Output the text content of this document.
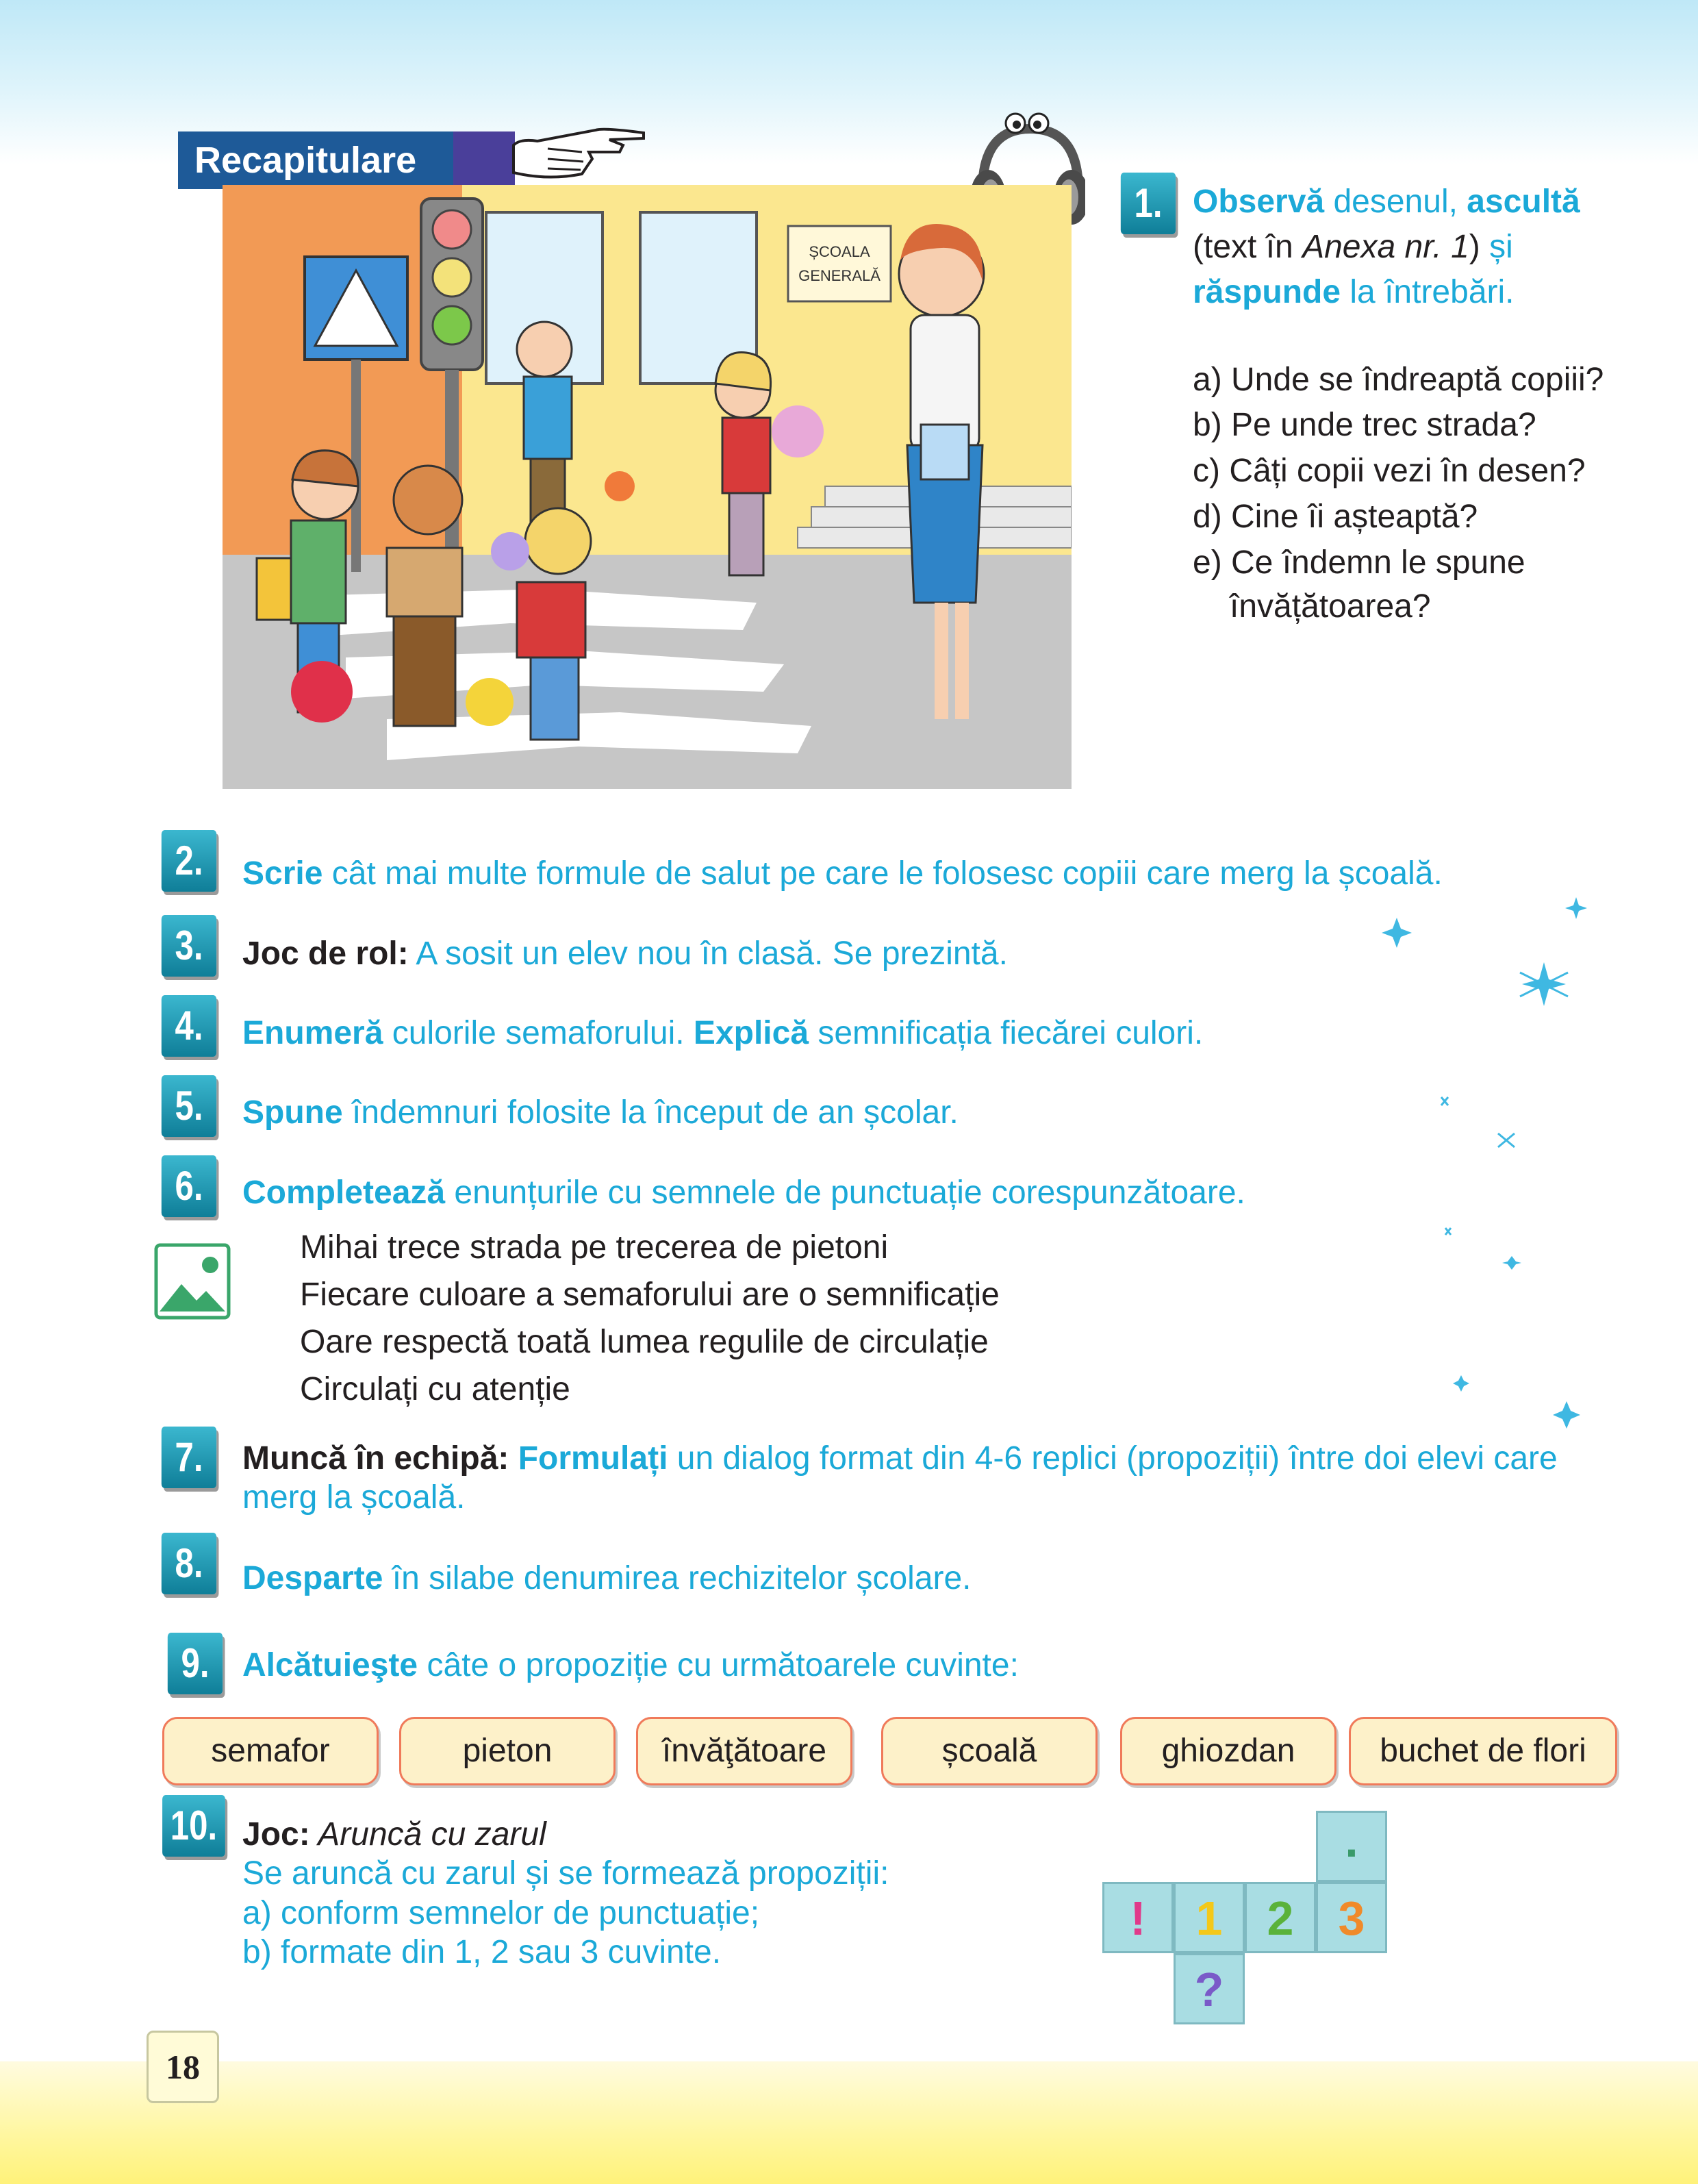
Recapitulare
ȘCOALA
GENERALĂ
1. Observă desenul, ascultă
(text în Anexa nr. 1) și
răspunde la întrebări.
a) Unde se îndreaptă copiii?
b) Pe unde trec strada?
c) Câți copii vezi în desen?
d) Cine îi așteaptă?
e) Ce îndemn le spune
învățătoarea?
2.	Scrie cât mai multe formule de salut pe care le folosesc copiii care merg la școală.
3.	Joc de rol: A sosit un elev nou în clasă. Se prezintă.
4.	Enumeră culorile semaforului. Explică semnificația fiecărei culori.
5.	Spune îndemnuri folosite la început de an școlar.
6.	Completează enunțurile cu semnele de punctuație corespunzătoare.
Mihai trece strada pe trecerea de pietoni
Fiecare culoare a semaforului are o semnificație
Oare respectă toată lumea regulile de circulație
Circulați cu atenție
7.	Muncă în echipă: Formulați un dialog format din 4-6 replici (propoziții) între doi elevi care
merg la școală.
8.	Desparte în silabe denumirea rechizitelor școlare.
9.	Alcătuieşte câte o propoziție cu următoarele cuvinte:
semafor	pieton	învăţătoare	școală	ghiozdan	buchet de flori
10. Joc: Aruncă cu zarul
Se aruncă cu zarul și se formează propoziții:
a) conform semnelor de punctuație;
b) formate din 1, 2 sau 3 cuvinte.
!	1 2 3
.
?
18
